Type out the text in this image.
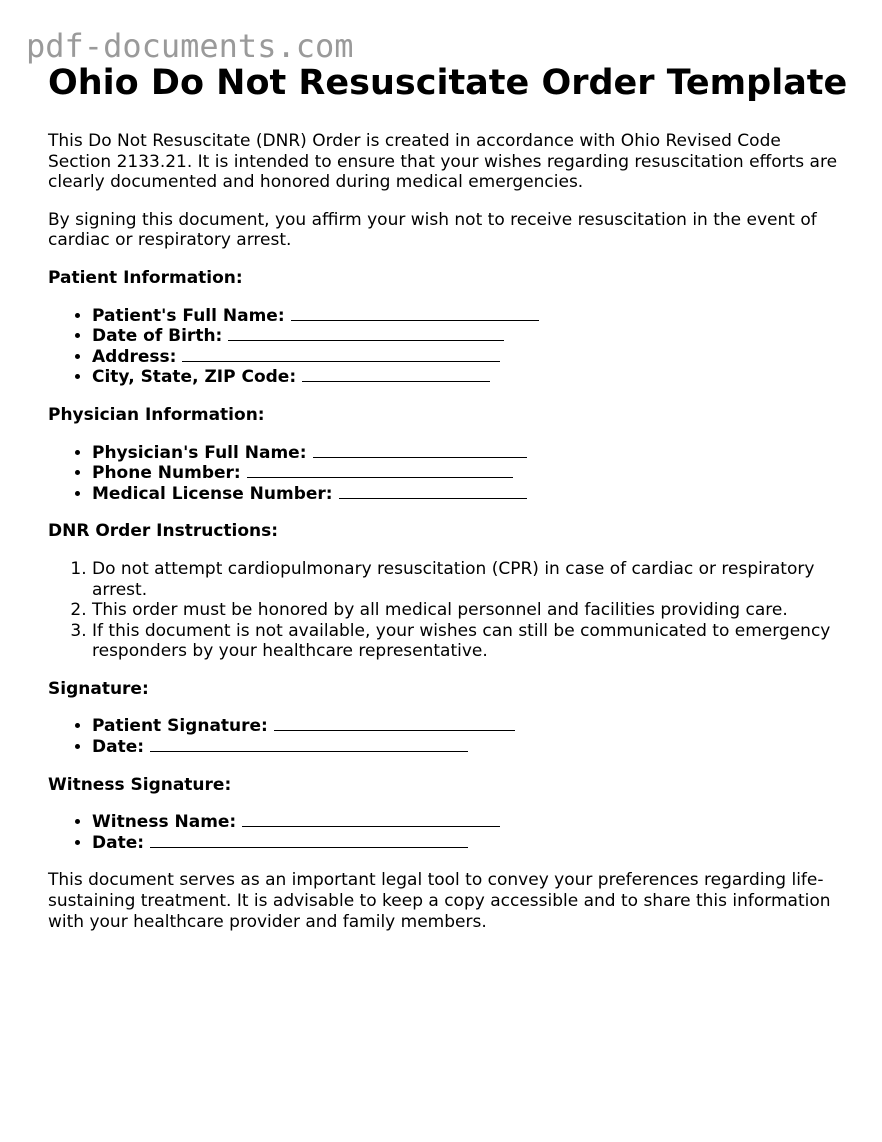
pdf-documents.com
Ohio Do Not Resuscitate Order Template

This Do Not Resuscitate (DNR) Order is created in accordance with Ohio Revised Code Section 2133.21. It is intended to ensure that your wishes regarding resuscitation efforts are clearly documented and honored during medical emergencies.

By signing this document, you affirm your wish not to receive resuscitation in the event of cardiac or respiratory arrest.

Patient Information:
• Patient's Full Name:
• Date of Birth:
• Address:
• City, State, ZIP Code:
Physician Information:
• Physician's Full Name:
• Phone Number:
• Medical License Number:
DNR Order Instructions:
1. Do not attempt cardiopulmonary resuscitation (CPR) in case of cardiac or respiratory arrest.
2. This order must be honored by all medical personnel and facilities providing care.
3. If this document is not available, your wishes can still be communicated to emergency responders by your healthcare representative.
Signature:
• Patient Signature:
• Date:
Witness Signature:
• Witness Name:
• Date:

This document serves as an important legal tool to convey your preferences regarding life-sustaining treatment. It is advisable to keep a copy accessible and to share this information with your healthcare provider and family members.
